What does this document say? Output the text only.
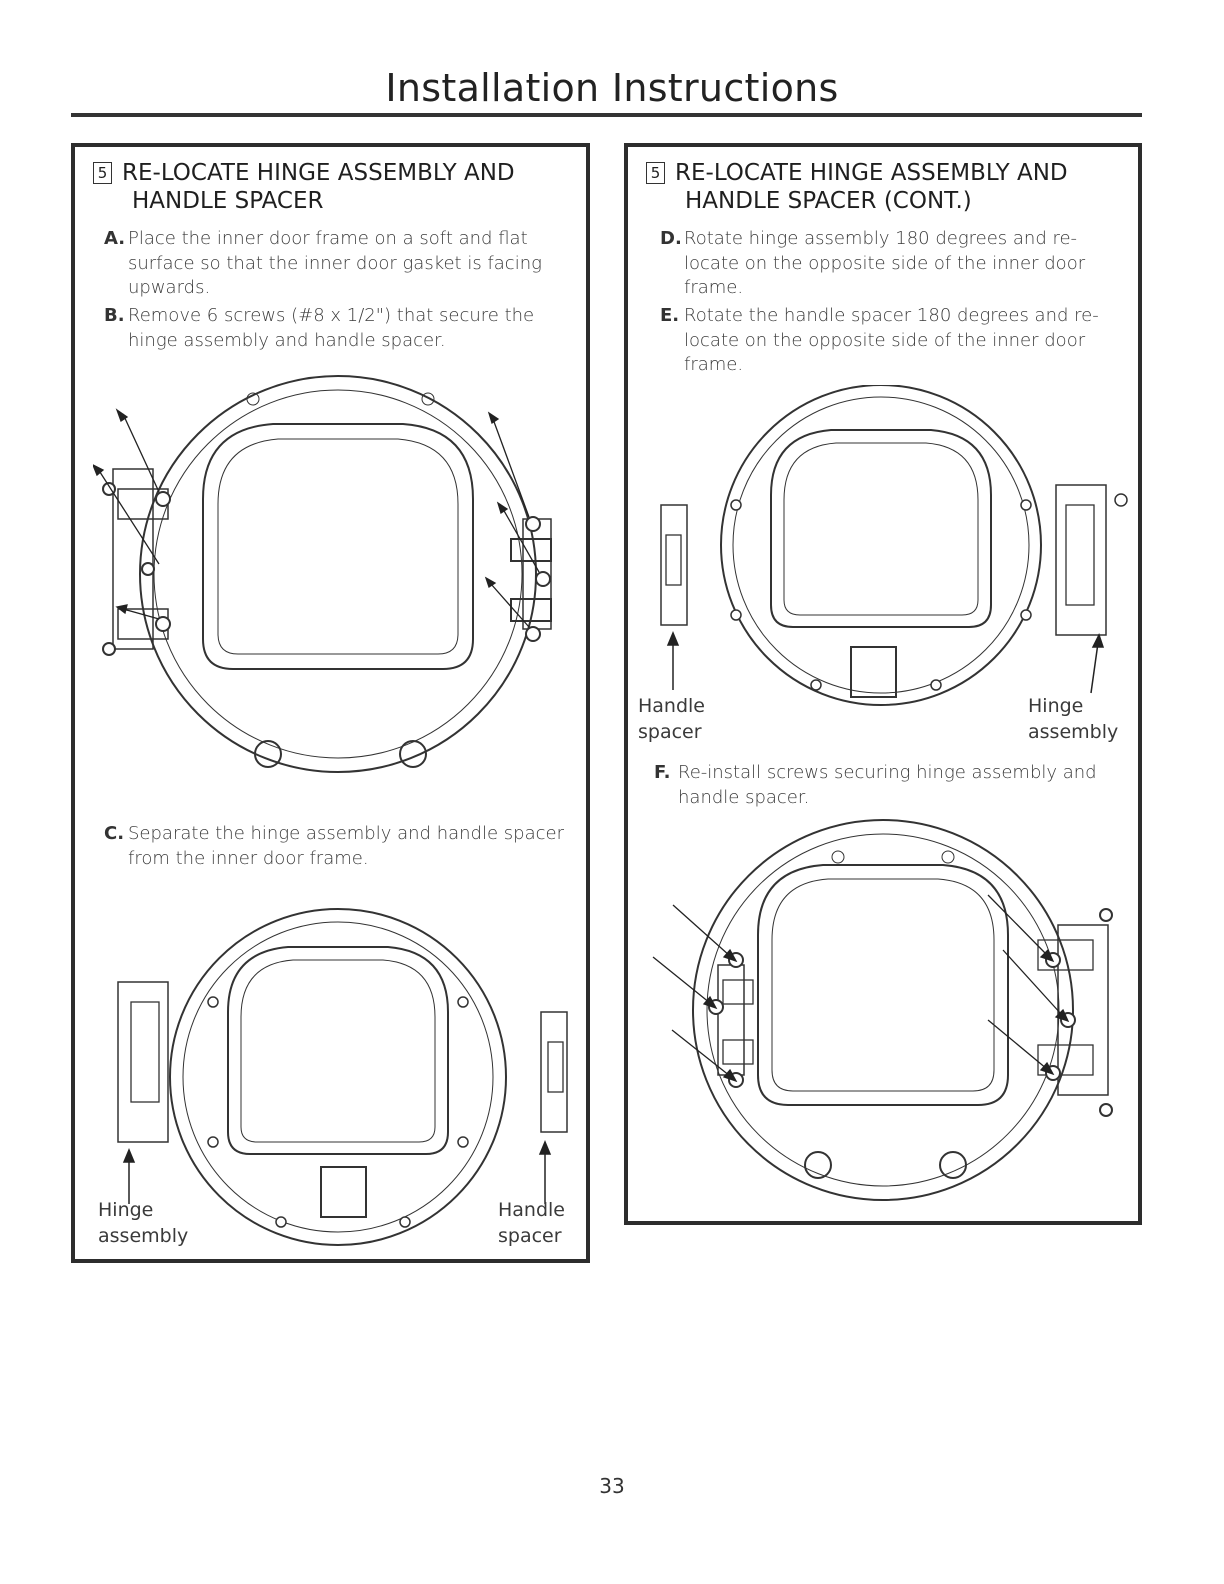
Installation Instructions
5 RE-LOCATE HINGE ASSEMBLY AND
HANDLE SPACER
A. Place the inner door frame on a soft and flat surface so that the inner door gasket is facing upwards.
B. Remove 6 screws (#8 x 1/2") that secure the hinge assembly and handle spacer.
C. Separate the hinge assembly and handle spacer from the inner door frame.
Hinge
assembly
Handle
spacer
5 RE-LOCATE HINGE ASSEMBLY AND
HANDLE SPACER (CONT.)
D. Rotate hinge assembly 180 degrees and re-locate on the opposite side of the inner door frame.
E. Rotate the handle spacer 180 degrees and re-locate on the opposite side of the inner door frame.
Handle
spacer
Hinge
assembly
F. Re-install screws securing hinge assembly and handle spacer.
33
